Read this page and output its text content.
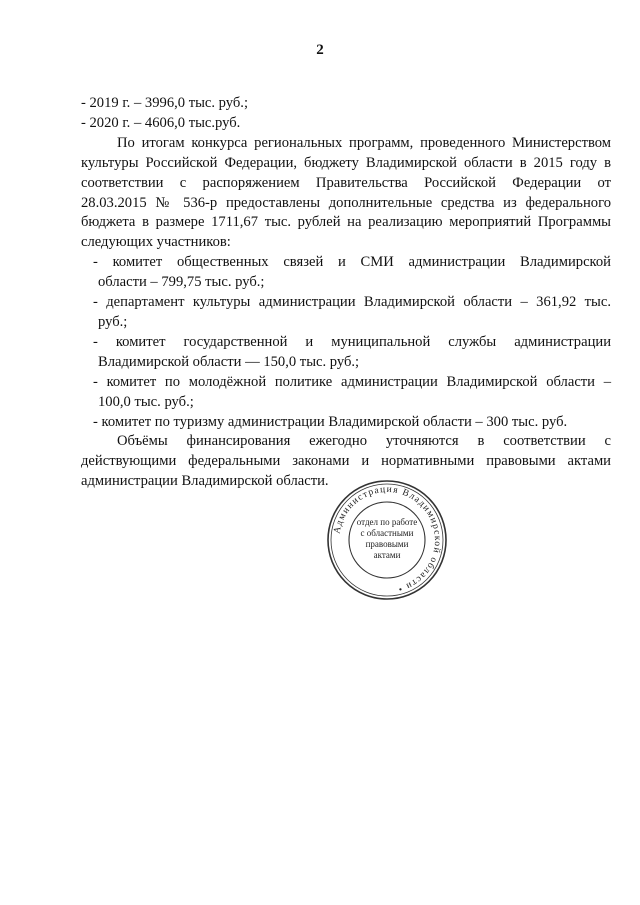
2

- 2019 г. – 3996,0 тыс. руб.;

- 2020 г. – 4606,0 тыс.руб.

По итогам конкурса региональных программ, проведенного Министерством

культуры Российской Федерации, бюджету Владимирской области в 2015 году в

соответствии с распоряжением Правительства Российской Федерации от

28.03.2015 № 536-р предоставлены дополнительные средства из федерального

бюджета в размере 1711,67 тыс. рублей на реализацию мероприятий Программы

следующих участников:

- комитет общественных связей и СМИ администрации Владимирской

области – 799,75 тыс. руб.;

- департамент культуры администрации Владимирской области – 361,92 тыс.

руб.;

- комитет государственной и муниципальной службы администрации

Владимирской области — 150,0 тыс. руб.;

- комитет по молодёжной политике администрации Владимирской области –

100,0 тыс. руб.;

- комитет по туризму администрации Владимирской области – 300 тыс. руб.

Объёмы финансирования ежегодно уточняются в соответствии с

действующими федеральными законами и нормативными правовыми актами

администрации Владимирской области.

Администрация Владимирской области •
отдел по работе
с областными
правовыми
актами
